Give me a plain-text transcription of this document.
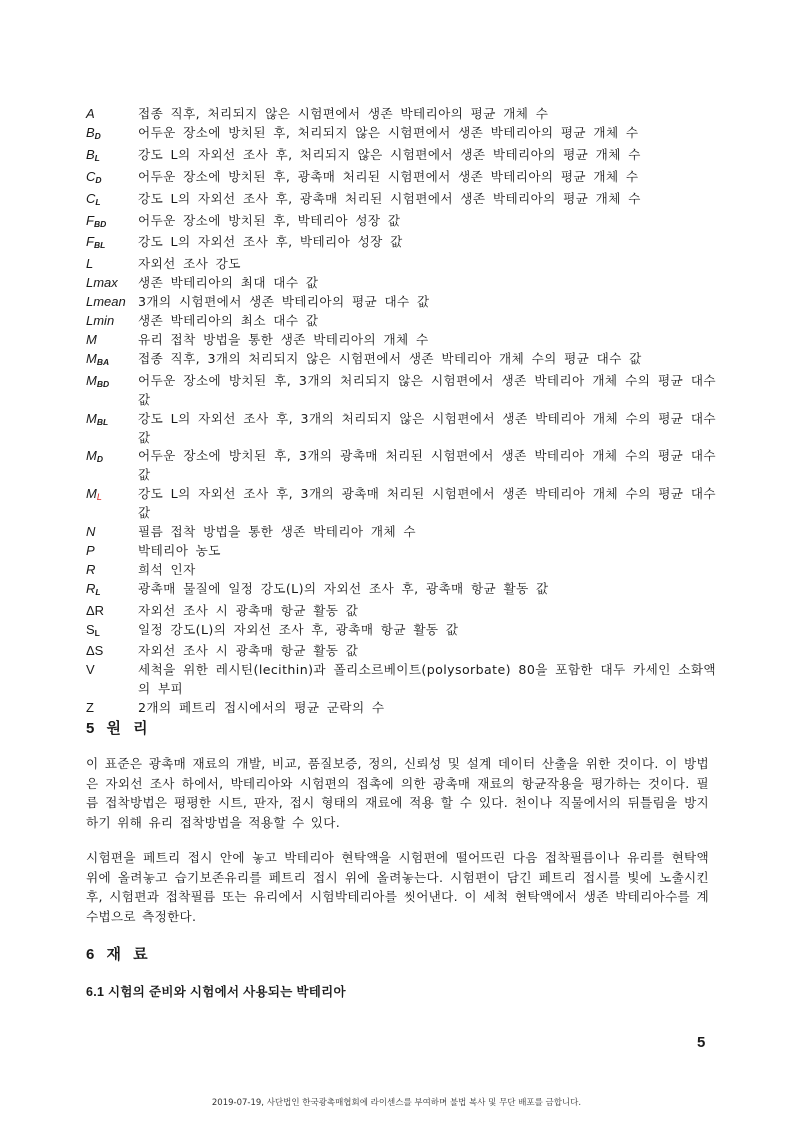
A	접종 직후, 처리되지 않은 시험편에서 생존 박테리아의 평균 개체 수
$B_D$	어두운 장소에 방치된 후, 처리되지 않은 시험편에서 생존 박테리아의 평균 개체 수
$B_L$	강도 L의 자외선 조사 후, 처리되지 않은 시험편에서 생존 박테리아의 평균 개체 수
$C_D$	어두운 장소에 방치된 후, 광촉매 처리된 시험편에서 생존 박테리아의 평균 개체 수
$C_L$	강도 L의 자외선 조사 후, 광촉매 처리된 시험편에서 생존 박테리아의 평균 개체 수
$F_{BD}$	어두운 장소에 방치된 후, 박테리아 성장 값
$F_{BL}$	강도 L의 자외선 조사 후, 박테리아 성장 값
L	자외선 조사 강도
Lmax	생존 박테리아의 최대 대수 값
Lmean 3개의 시험편에서 생존 박테리아의 평균 대수 값
Lmin	생존 박테리아의 최소 대수 값
M	유리 접착 방법을 통한 생존 박테리아의 개체 수
$M_{BA}$	접종 직후, 3개의 처리되지 않은 시험편에서 생존 박테리아 개체 수의 평균 대수 값
$M_{BD}$	어두운 장소에 방치된 후, 3개의 처리되지 않은 시험편에서 생존 박테리아 개체 수의 평균 대수 값
$M_{BL}$	강도 L의 자외선 조사 후, 3개의 처리되지 않은 시험편에서 생존 박테리아 개체 수의 평균 대수 값
$M_D$	어두운 장소에 방치된 후, 3개의 광촉매 처리된 시험편에서 생존 박테리아 개체 수의 평균 대수 값
$M_L$	강도 L의 자외선 조사 후, 3개의 광촉매 처리된 시험편에서 생존 박테리아 개체 수의 평균 대수 값
N	필름 접착 방법을 통한 생존 박테리아 개체 수
P	박테리아 농도
R	희석 인자
$R_L$	광촉매 물질에 일정 강도(L)의 자외선 조사 후, 광촉매 항균 활동 값
ΔR	자외선 조사 시 광촉매 항균 활동 값
$S_L$	일정 강도(L)의 자외선 조사 후, 광촉매 항균 활동 값
ΔS	자외선 조사 시 광촉매 항균 활동 값
V	세척을 위한 레시틴(lecithin)과 폴리소르베이트(polysorbate) 80을 포함한 대두 카세인 소화액의 부피
Z	2개의 페트리 접시에서의 평균 군락의 수
5 원 리

이 표준은 광촉매 재료의 개발, 비교, 품질보증, 정의, 신뢰성 및 설계 데이터 산출을 위한 것이다. 이 방법은 자외선 조사 하에서, 박테리아와 시험편의 접촉에 의한 광촉매 재료의 항균작용을 평가하는 것이다. 필름 접착방법은 평평한 시트, 판자, 접시 형태의 재료에 적용 할 수 있다. 천이나 직물에서의 뒤틀림을 방지하기 위해 유리 접착방법을 적용할 수 있다.

시험편을 페트리 접시 안에 놓고 박테리아 현탁액을 시험편에 떨어뜨린 다음 접착필름이나 유리를 현탁액 위에 올려놓고 습기보존유리를 페트리 접시 위에 올려놓는다. 시험편이 담긴 페트리 접시를 빛에 노출시킨 후, 시험편과 접착필름 또는 유리에서 시험박테리아를 씻어낸다. 이 세척 현탁액에서 생존 박테리아수를 계수법으로 측정한다.

6 재 료
6.1 시험의 준비와 시험에서 사용되는 박테리아
5
2019-07-19, 사단법인 한국광촉매협회에 라이센스를 부여하며 불법 복사 및 무단 배포를 금합니다.
